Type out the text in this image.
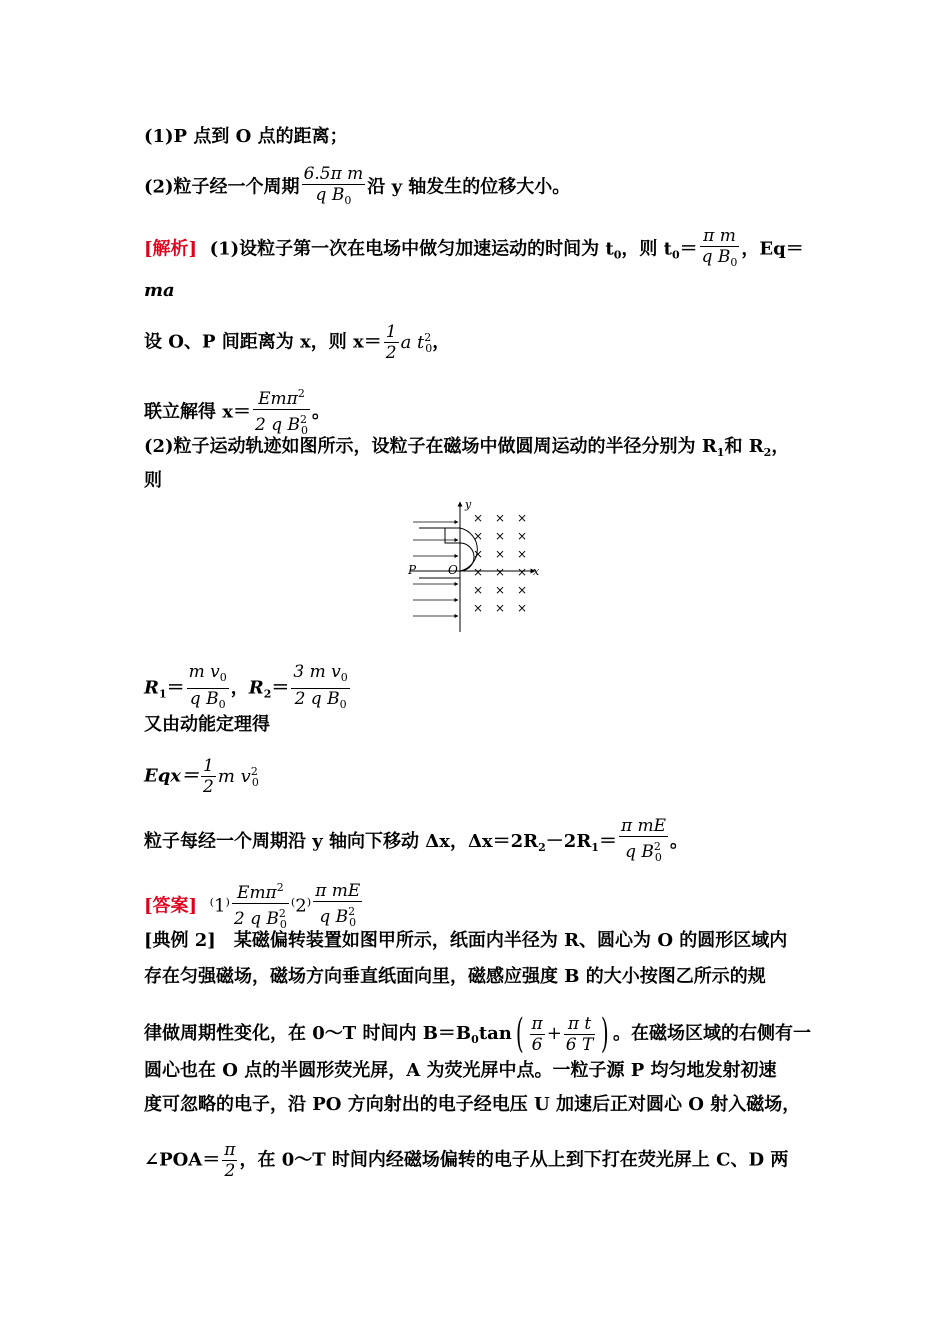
(1)P 点到 O 点的距离；
(2)粒子经一个周期 $\frac{\text{6.5π m}}{q B_0}$ 沿 y 轴发生的位移大小。
[解析] (1)设粒子第一次在电场中做匀加速运动的时间为 $t_0$，则 $t_0= \frac{\text{π m}}{q B_0}$ ，Eq＝
ma
设 O、P 间距离为 x，则 $x= \frac{1}{2}$ a $t^2_0$，
联立解得 $x= \frac{Em\pi^2}{2 q B^2_0}$ 。
(2)粒子运动轨迹如图所示，设粒子在磁场中做圆周运动的半径分别为 $R_1$和 $R_2$，
则
y
x
P	O
× × ×
× × ×
× × ×
× × ×
× × ×
× × ×
$R_1= \frac{m v_0}{q B_0}$ ，$R_2= \frac{3 m v_0}{2 q B_0}$
又由动能定理得
$Eqx= \frac{1}{2}$ m $v^2_0$
粒子每经一个周期沿 y 轴向下移动 Δx，$\Delta x=2R_2-2R_1= \frac{\text{π mE}}{q B^2_0}$ 。
[答案] $^(1^) \frac{Em\pi^2}{2 q B^2_0} ^(2^) \frac{\text{π mE}}{q B^2_0}$
[典例 2]　某磁偏转装置如图甲所示，纸面内半径为 R、圆心为 O 的圆形区域内
存在匀强磁场，磁场方向垂直纸面向里，磁感应强度 B 的大小按图乙所示的规
律做周期性变化，在 0～T 时间内 $B=B_0\tan( \frac{\pi}{6} + \frac{\text{π t}}{6 T}$ ) 。在磁场区域的右侧有一
圆心也在 O 点的半圆形荧光屏，A 为荧光屏中点。一粒子源 P 均匀地发射初速
度可忽略的电子，沿 PO 方向射出的电子经电压 U 加速后正对圆心 O 射入磁场，
∠POA＝ $\frac{\pi}{2}$ ，在 0～T 时间内经磁场偏转的电子从上到下打在荧光屏上 C、D 两
